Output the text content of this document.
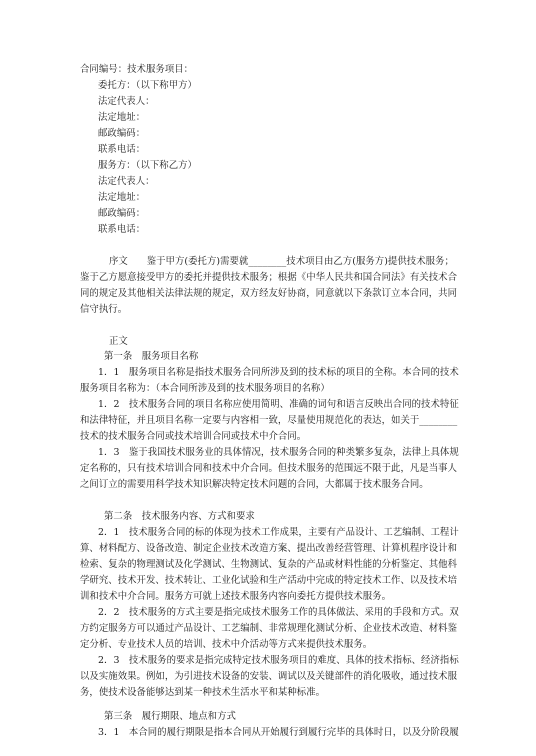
合同编号：技术服务项目：
委托方：（以下称甲方）
法定代表人：
法定地址：
邮政编码：
联系电话：
服务方：（以下称乙方）
法定代表人：
法定地址：
邮政编码：
联系电话：
序文　　鉴于甲方(委托方)需要就________技术项目由乙方(服务方)提供技术服务；
鉴于乙方愿意接受甲方的委托并提供技术服务；根据《中华人民共和国合同法》有关技术合
同的规定及其他相关法律法规的规定，双方经友好协商，同意就以下条款订立本合同，共同
信守执行。
正文
第一条　服务项目名称
1．1　服务项目名称是指技术服务合同所涉及到的技术标的项目的全称。本合同的技术
服务项目名称为：（本合同所涉及到的技术服务项目的名称）
1．2　技术服务合同的项目名称应使用简明、准确的词句和语言反映出合同的技术特征
和法律特征，并且项目名称一定要与内容相一致，尽量使用规范化的表达，如关于________
技术的技术服务合同或技术培训合同或技术中介合同。
1．3　鉴于我国技术服务业的具体情况，技术服务合同的种类繁多复杂，法律上具体规
定名称的，只有技术培训合同和技术中介合同。但技术服务的范围远不限于此，凡是当事人
之间订立的需要用科学技术知识解决特定技术问题的合同，大都属于技术服务合同。
第二条　技术服务内容、方式和要求
2．1　技术服务合同的标的体现为技术工作成果，主要有产品设计、工艺编制、工程计
算、材料配方、设备改造、制定企业技术改造方案、提出改善经营管理、计算机程序设计和
检索、复杂的物理测试及化学测试、生物测试、复杂的产品或材料性能的分析鉴定、其他科
学研究、技术开发、技术转让、工业化试验和生产活动中完成的特定技术工作、以及技术培
训和技术中介合同。服务方可就上述技术服务内容向委托方提供技术服务。
2．2　技术服务的方式主要是指完成技术服务工作的具体做法、采用的手段和方式。双
方约定服务方可以通过产品设计、工艺编制、非常规理化测试分析、企业技术改造、材料鉴
定分析、专业技术人员的培训、技术中介活动等方式来提供技术服务。
2．3　技术服务的要求是指完成特定技术服务项目的难度、具体的技术指标、经济指标
以及实施效果。例如，为引进技术设备的安装、调试以及关键部件的消化吸收，通过技术服
务，使技术设备能够达到某一种技术生活水平和某种标准。
第三条　履行期限、地点和方式
3．1　本合同的履行期限是指本合同从开始履行到履行完毕的具体时日，以及分阶段履
